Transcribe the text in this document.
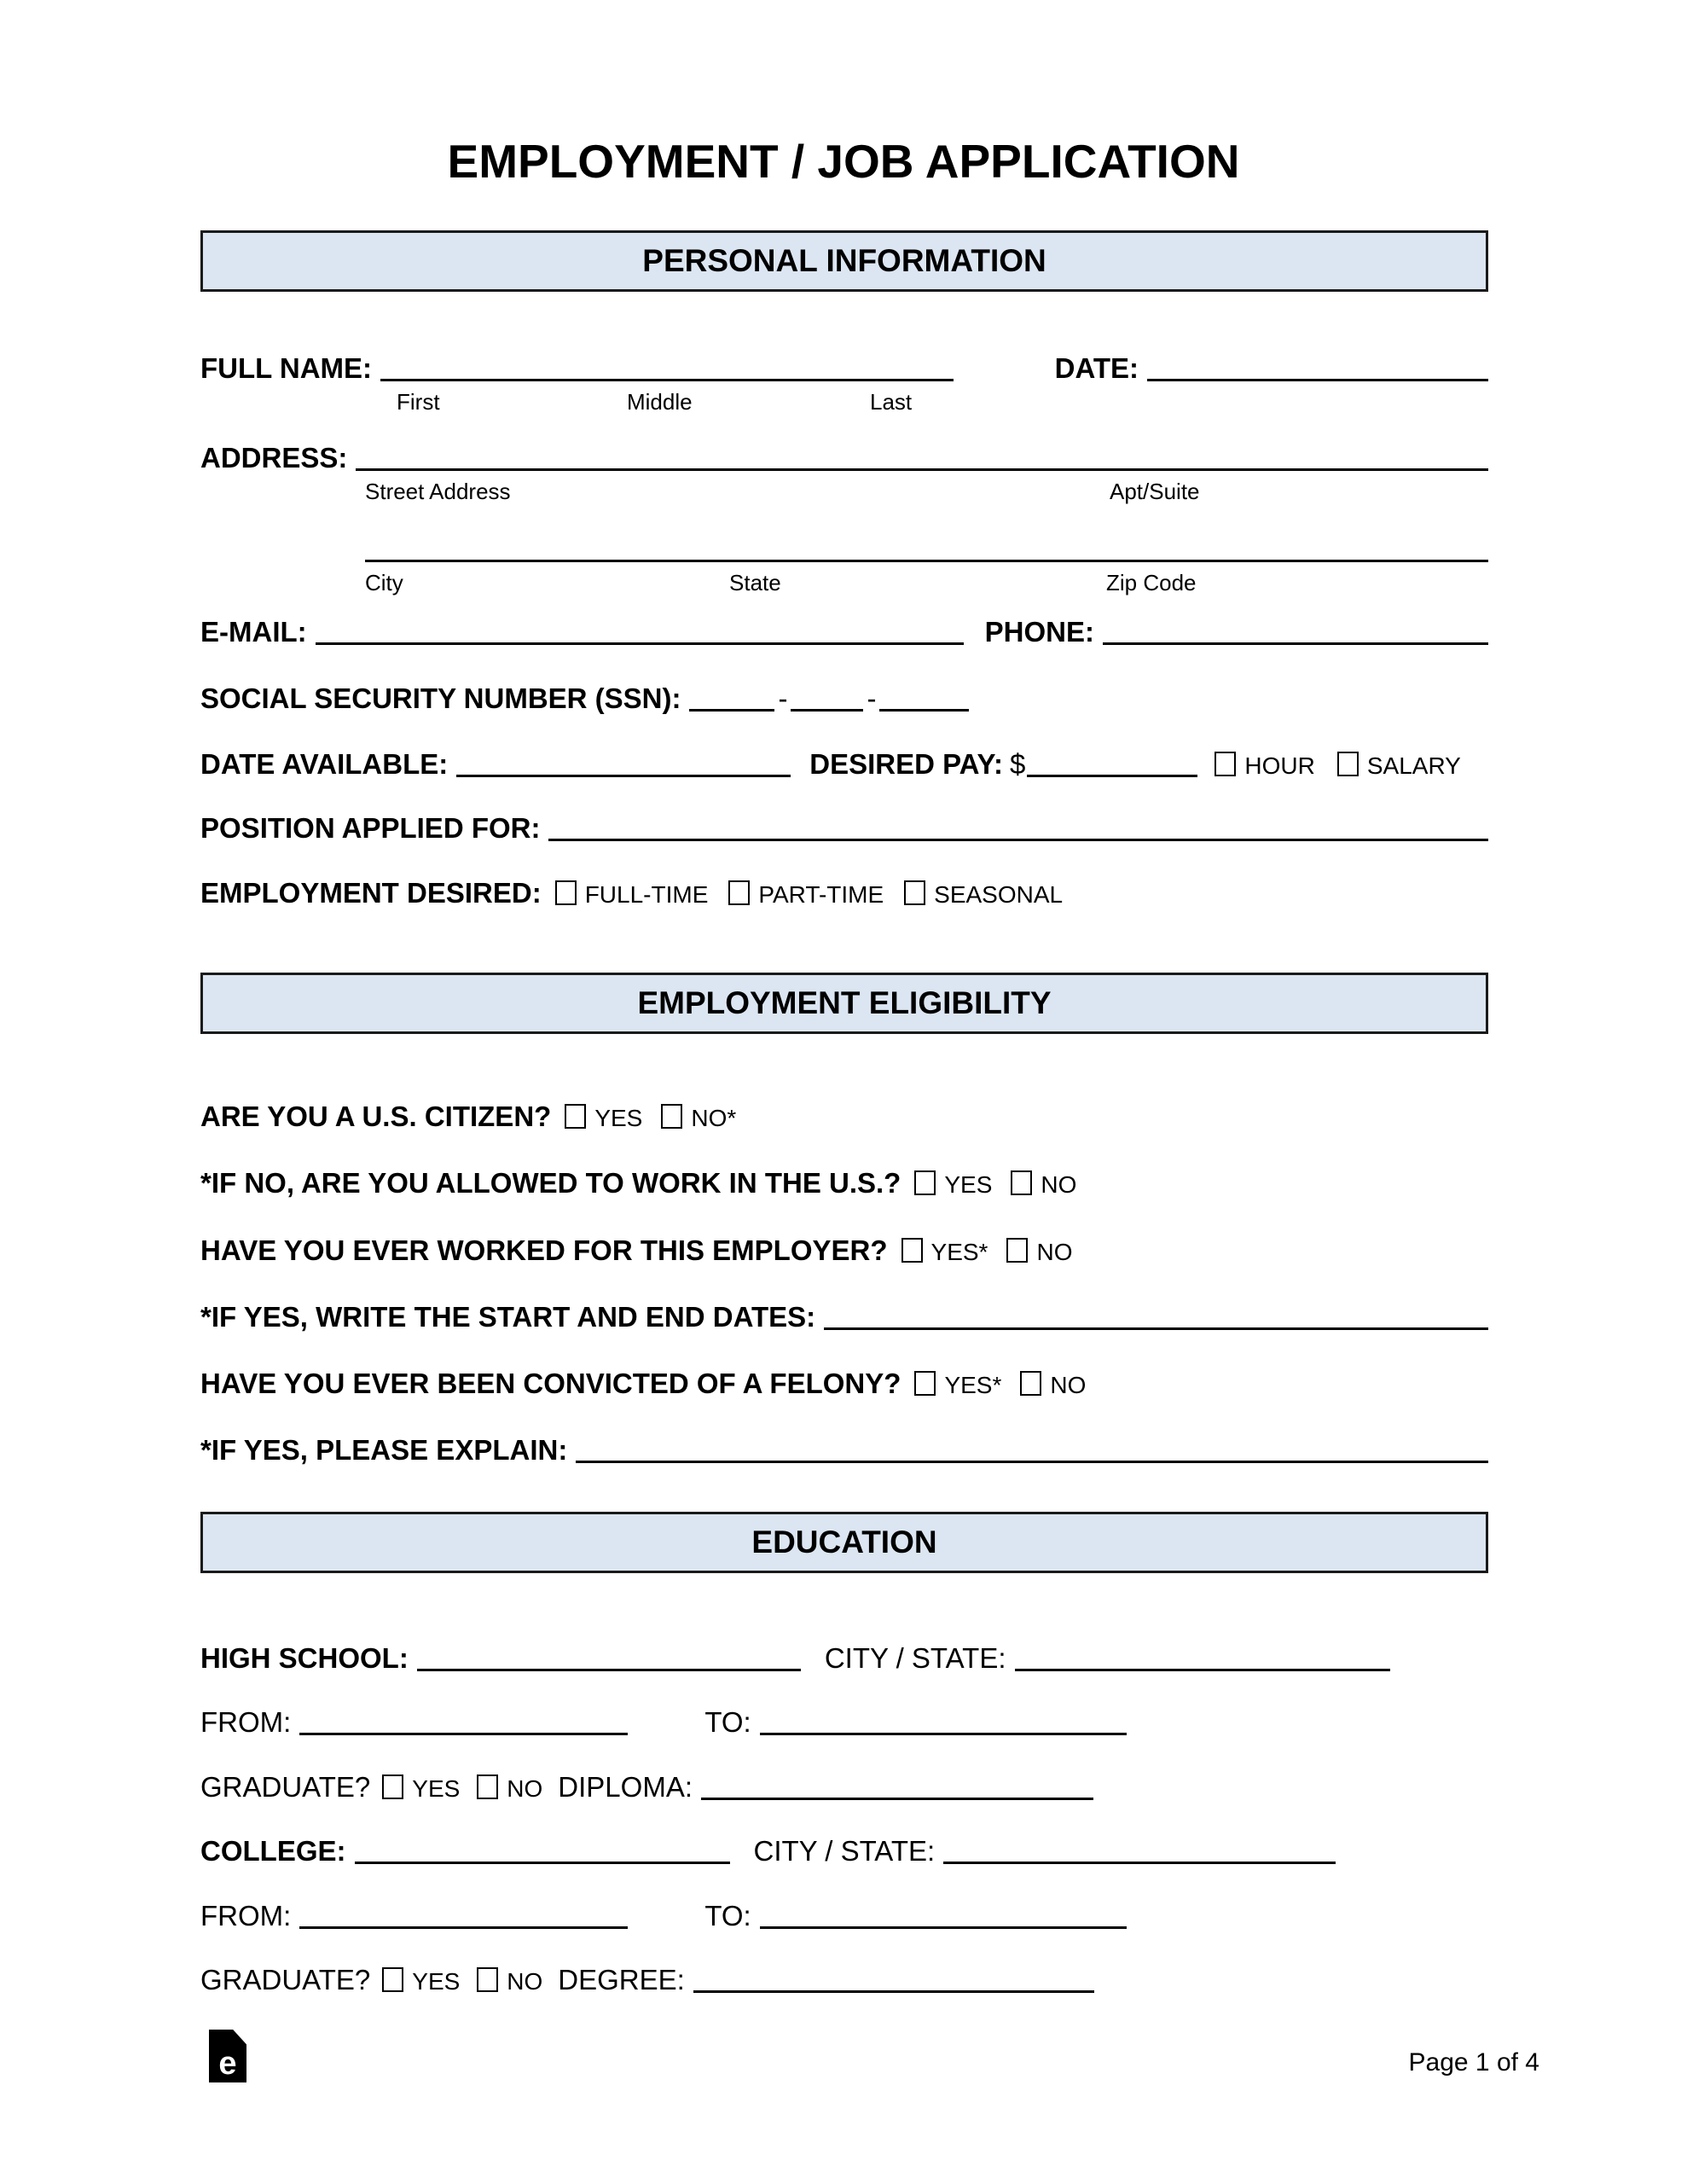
EMPLOYMENT / JOB APPLICATION
PERSONAL INFORMATION
FULL NAME:	DATE:
First	Middle	Last
ADDRESS:
Street Address	Apt/Suite
City	State	Zip Code
E-MAIL:	PHONE:
SOCIAL SECURITY NUMBER (SSN):	-	-
DATE AVAILABLE:	DESIRED PAY: $	HOUR SALARY
POSITION APPLIED FOR:
EMPLOYMENT DESIRED: FULL-TIME PART-TIME SEASONAL
EMPLOYMENT ELIGIBILITY
ARE YOU A U.S. CITIZEN? YES NO*
*IF NO, ARE YOU ALLOWED TO WORK IN THE U.S.? YES NO
HAVE YOU EVER WORKED FOR THIS EMPLOYER? YES* NO
*IF YES, WRITE THE START AND END DATES:
HAVE YOU EVER BEEN CONVICTED OF A FELONY? YES* NO
*IF YES, PLEASE EXPLAIN:
EDUCATION
HIGH SCHOOL:	CITY / STATE:
FROM:	TO:
GRADUATE? YES NO DIPLOMA:
COLLEGE:	CITY / STATE:
FROM:	TO:
GRADUATE? YES NO DEGREE:
e	Page 1 of 4
